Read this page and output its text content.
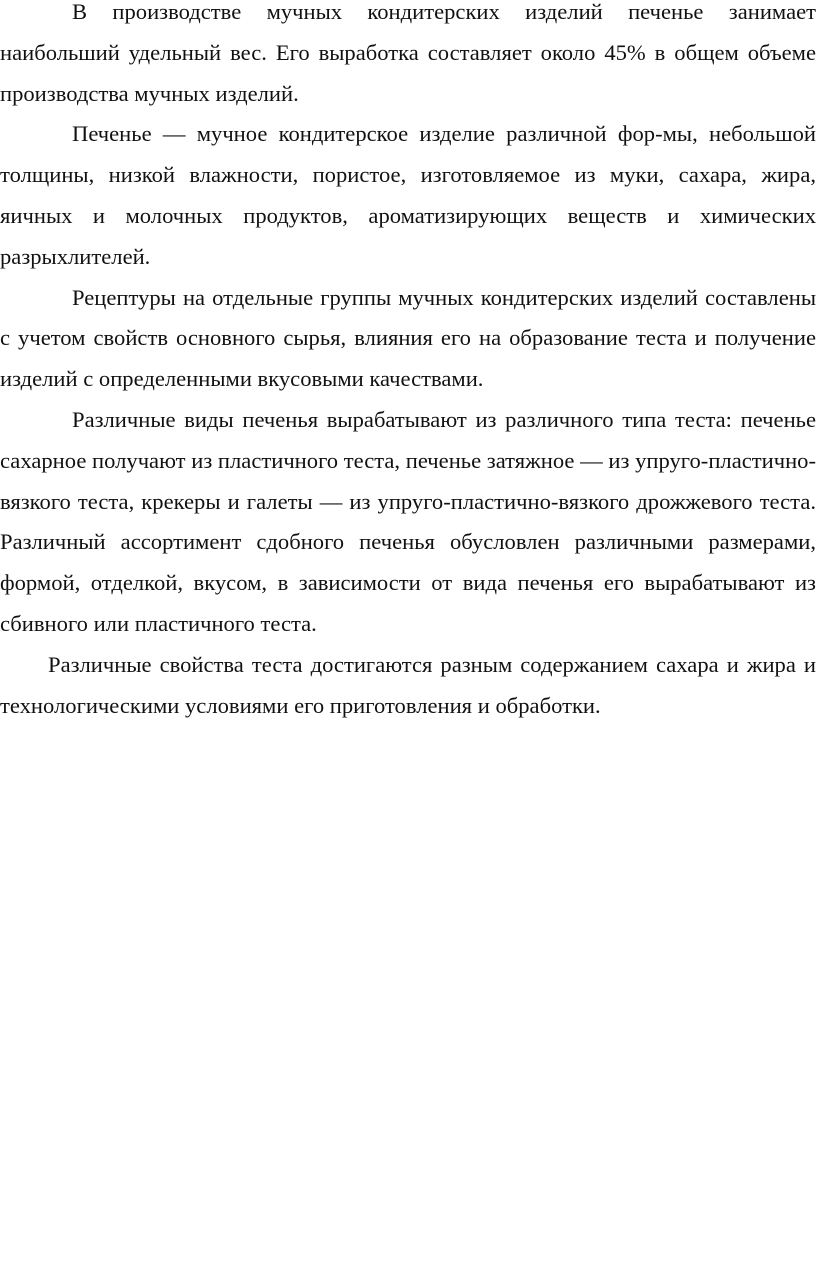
В производстве мучных кондитерских изделий печенье занимает наибольший удельный вес. Его выработка составляет около 45% в общем объеме производства мучных изделий.

Печенье — мучное кондитерское изделие различной фор-мы, небольшой толщины, низкой влажности, пористое, изготовляемое из муки, сахара, жира, яичных и молочных продуктов, ароматизирующих веществ и химических разрыхлителей.

Рецептуры на отдельные группы мучных кондитерских изделий составлены с учетом свойств основного сырья, влияния его на образование теста и получение изделий с определенными вкусовыми качествами.

Различные виды печенья вырабатывают из различного типа теста: печенье сахарное получают из пластичного теста, печенье затяжное — из упруго-пластично-вязкого теста, крекеры и галеты — из упруго-пластично-вязкого дрожжевого теста. Различный ассортимент сдобного печенья обусловлен различными размерами, формой, отделкой, вкусом, в зависимости от вида печенья его вырабатывают из сбивного или пластичного теста.

Различные свойства теста достигаются разным содержанием сахара и жира и технологическими условиями его приготовления и обработки.
